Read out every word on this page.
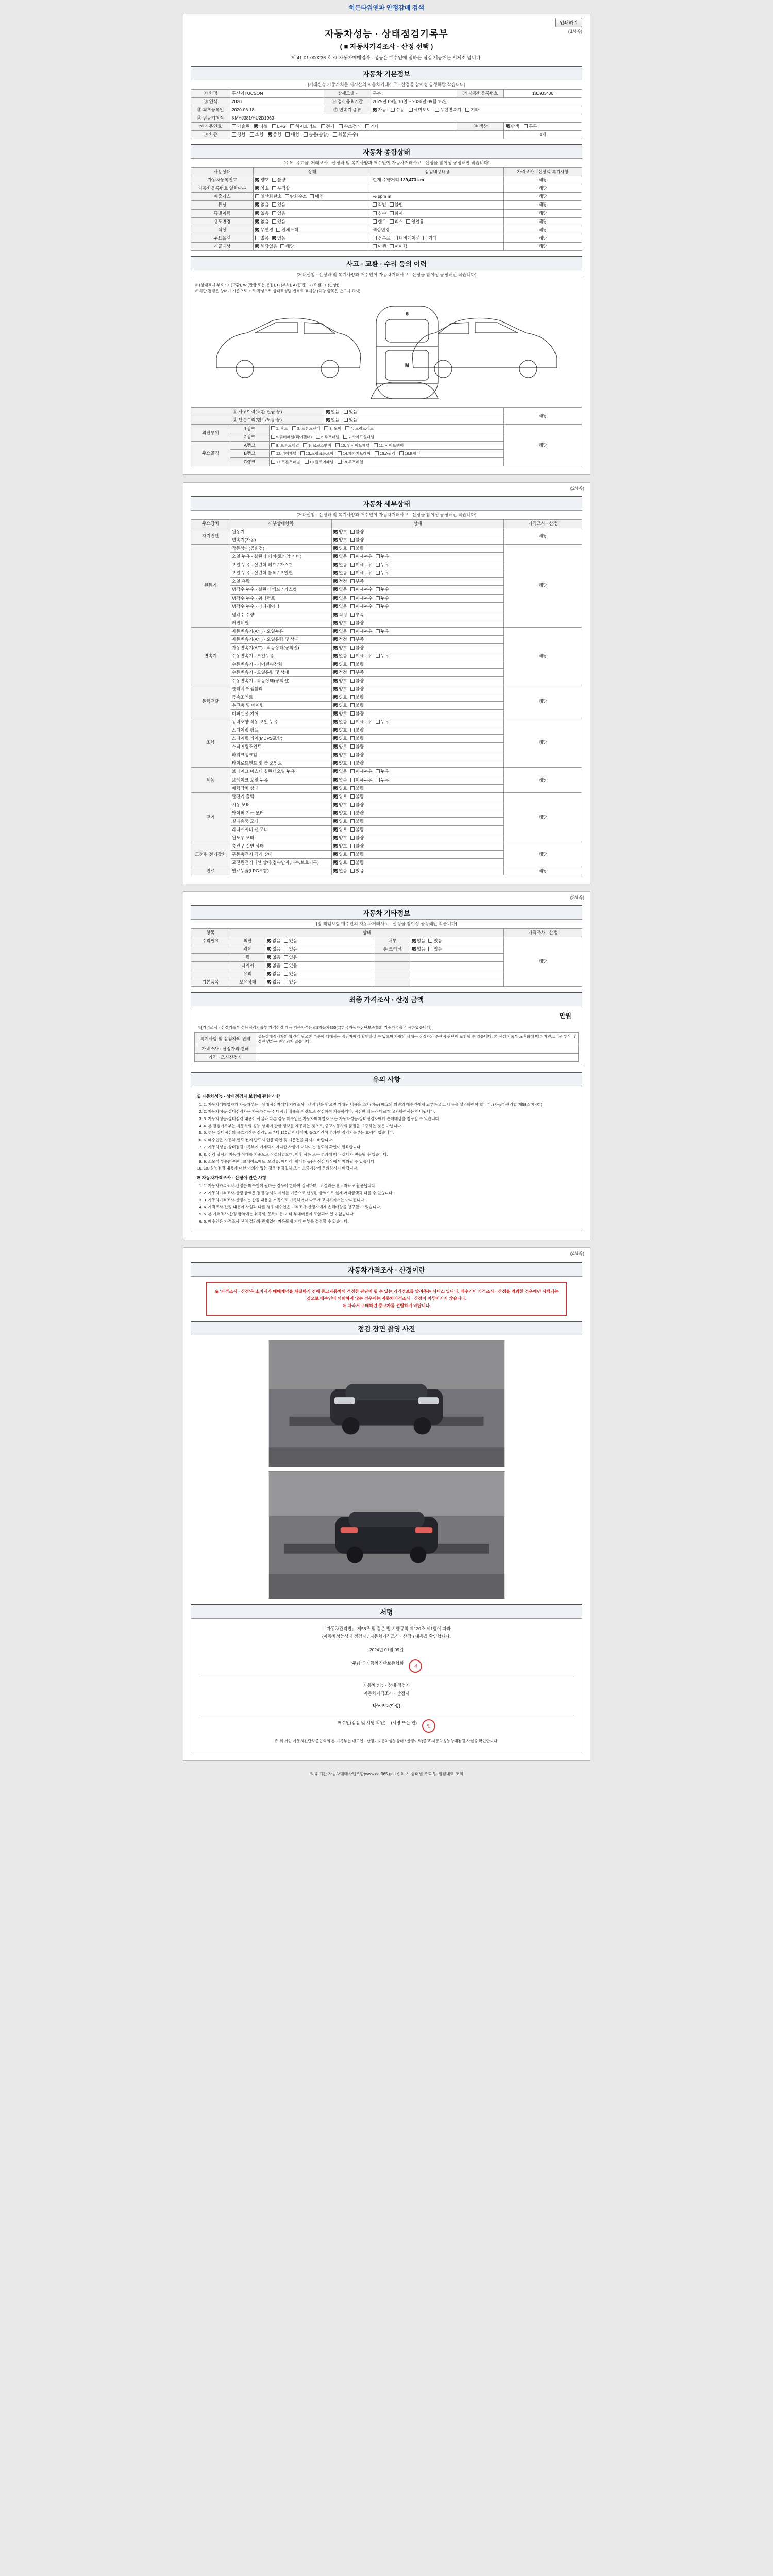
히든타워앤파 안정감매 검색
인쇄하기
(1/4쪽)
자동차성능 · 상태점검기록부
( ■ 자동차가격조사 · 산정 선택 )
제 41-01-000236 호 ※ 자동차매매업자 · 성능은 매수인에 점하는 점검 계공해는 서체소 밉니다.
자동차 기본정보
[거래신청 가중가치문 제시산의 자동차거래사고 · 산정물 참이성 공정해만 작습니다]
① 차명	투신가TUCSON	상세모델 ·	구분 :	② 자동차등록번호	18J9J34J6
③ 연식	2020	④ 검사유효기간	2025년 09월 10일 ~ 2026년 09월 15일		
⑤ 최초등록일	2020-06-18	⑦ 변속기 종류	자동 수동 세미오토 무단변속기 기타		
⑧ 원동기형식	KMHJ381/HU2D1960				
⑨ 사용연료	가솔린 디젤 LPG 하이브리드 전기 수소전기 기타			⑩ 색상	단색 투톤
⑪ 차종	경형 소형 중형 대형 승용(승합) 화물(특수)				0개
자동차 종합상태
[주요, 유효율, 거래조사 · 산정하 및 복기사양과 매수인이 자동차거래사고 · 산정물 참이성 공정해만 작습니다]
사용상태	상태	점검내용내용	가격조사 · 산정액 특기사항
자동차등록번호	양호 불량	현재 주행거리 139,473 km	해당
자동차등록번호 일치여부	양호 부적합		해당
배출가스	일산화탄소 탄화수소 매연	% ppm m	해당
튜닝	없음 있음	적법 불법	해당
특별이력	없음 있음	침수 화재	해당
용도변경	없음 있음	렌트 리스 영업용	해당
색상	무변경 전체도색	색상변경	해당
주요옵션	없음 있음	선루프 내비게이션 기타	해당
리콜대상	해당없음 해당	이행 미이행	해당
사고 · 교환 · 수리 등의 이력
[거래신청 · 산정하 및 복기사양과 매수인이 자동차거래사고 · 산정물 참이성 공정해만 작습니다]
※ (상태표시 부호 : X (교환), W (판금 또는 용접), C (부식), A (흠집), U (요철), T (손상))
※ 하단 점검은 상태가 기준으로 기록 작성으로 상태특성별 번호로 표시함 (해당 항목은 반드시 표시)
6
M
① 사고이력(교환·판금 등)	없음 있음	해당
② 단순수리(덴트/도장 등)	없음 있음	
외판부위	1랭크	1. 후드 2. 프론트펜더 3. 도어 4. 트렁크리드	해당
	2랭크	5.쿼터패널(리어펜더) 6.루프패널 7.사이드실패널	
주요골격	A랭크	8. 프론트패널 9. 크로스멤버 10. 인사이드패널 11. 사이드멤버	
	B랭크	12.리어패널 13.트렁크플로어 14.패키지트레이 15.A필러 16.B필러	
	C랭크	17.프론트패널 18.플로어패널 19.루프레일	
(2/4쪽)
자동차 세부상태
[거래신청 · 산정하 및 복기사양과 매수인이 자동차거래사고 · 산정물 참이성 공정해만 작습니다]
주요장치	세부상태항목	상태	가격조사 · 산정
자기진단	원동기	양호 불량	해당
	변속기(자동)	양호 불량	
원동기	작동상태(공회전)	양호 불량	해당
	오일 누유 - 실린더 커버(로커암 커버)	없음 미세누유 누유	
	오일 누유 - 실린더 헤드 / 가스켓	없음 미세누유 누유	
	오일 누유 - 실린더 블록 / 오일팬	없음 미세누유 누유	
	오일 유량	적정 부족	
	냉각수 누수 - 실린더 헤드 / 가스켓	없음 미세누수 누수	
	냉각수 누수 - 워터펌프	없음 미세누수 누수	
	냉각수 누수 - 라디에이터	없음 미세누수 누수	
	냉각수 수량	적정 부족	
	커먼레일	양호 불량	
변속기	자동변속기(A/T) - 오일누유	없음 미세누유 누유	해당
	자동변속기(A/T) - 오일유량 및 상태	적정 부족	
	자동변속기(A/T) - 작동상태(공회전)	양호 불량	
	수동변속기 - 오일누유	없음 미세누유 누유	
	수동변속기 - 기어변속장치	양호 불량	
	수동변속기 - 오일유량 및 상태	적정 부족	
	수동변속기 - 작동상태(공회전)	양호 불량	
동력전달	클러치 어셈블리	양호 불량	해당
	등속조인트	양호 불량	
	추진축 및 베어링	양호 불량	
	디퍼렌셜 기어	양호 불량	
조향	동력조향 작동 오일 누유	없음 미세누유 누유	해당
	스티어링 펌프	양호 불량	
	스티어링 기어(MDPS포함)	양호 불량	
	스티어링조인트	양호 불량	
	파워크랭크암	양호 불량	
	타이로드엔드 및 볼 조인트	양호 불량	
제동	브레이크 마스터 실린더오일 누유	없음 미세누유 누유	해당
	브레이크 오일 누유	없음 미세누유 누유	
	배력장치 상태	양호 불량	
전기	발전기 출력	양호 불량	해당
	시동 모터	양호 불량	
	와이퍼 기능 모터	양호 불량	
	실내송풍 모터	양호 불량	
	라디에이터 팬 모터	양호 불량	
	윈도우 모터	양호 불량	
고전원 전기장치	충전구 절연 상태	양호 불량	해당
	구동축전지 격리 상태	양호 불량	
	고전원전기배선 상태(접속단자,피복,보호기구)	양호 불량	
연료	연료누출(LPG포함)	없음 있음	해당
(3/4쪽)
자동차 기타정보
[장 책임보험 매수인의 자동차거래사고 · 산정물 참이성 공정해만 작습니다]
항목	상태				가격조사 · 산정
수리필요	외판	없음 있음	내부	없음 있음	해당
	광택	없음 있음	룸 크리닝	없음 있음	
	휠	없음 있음			
	타이어	없음 있음			
	유리	없음 있음			
기본품목	보유상태	없음 있음			
최종 가격조사 · 산정 금액
만원
※[가격조사 · 산정기록부 성능점검기록부 가격산정 대응 기준가격은 (□)자동차365(□)한국자동차진단보증협회 기준가격을 적용하였습니다]
특기사항 및 점검자의 견해	성능상태점검자의 확인이 필요한 부분에 대해서는 점검자에게 확인하실 수 있으며 차량의 상태는 점검자의 주관적 판단이 포함될 수 있습니다. 본 점검 기록부 노후화에 따른 자연스러운 부식 및 경년 변화는 반영되지 않습니다.
가격조사 · 산정자의 견해	
가격 · 조사산정자	
유의 사항
※ 자동차성능 · 상태점검자 보험에 관한 사항
1. 1. 자동차매매업자가 자동차성능 · 상태점검자에게 거래조사 · 산정 받을 받으면 거래된 내용을 소지(성능) 때교의 의견의 매수인에게 교부하고 그 내용을 설명하여야 합니다. (자동차관리법 제58조 제4항)
2. 2. 자동차성능·상태점검자는 자동차성능·상태점검 내용을 거짓으로 점검하여 기록하거나, 점검한 내용과 다르게 고지하여서는 아니됩니다.
3. 3. 자동차성능·상태점검 내용이 사실과 다른 경우 매수인은 자동차매매업자 또는 자동차성능·상태점검자에게 손해배상을 청구할 수 있습니다.
4. 4. 본 점검기록부는 자동차의 성능·상태에 관한 정보를 제공하는 것으로, 중고자동차의 품질을 보증하는 것은 아닙니다.
5. 5. 성능·상태점검의 유효기간은 점검일로부터 120일 이내이며, 유효기간이 경과한 점검기록부는 효력이 없습니다.
6. 6. 매수인은 자동차 인도 전에 반드시 현품 확인 및 시운전을 하시기 바랍니다.
7. 7. 자동차성능·상태점검기록부에 기재되지 아니한 사항에 대하여는 별도의 확인이 필요합니다.
8. 8. 점검 당시의 자동차 상태를 기준으로 작성되었으며, 이후 사용 또는 경과에 따라 상태가 변동될 수 있습니다.
9. 9. 소모성 부품(타이어, 브레이크패드, 오일류, 배터리, 필터류 등)은 점검 대상에서 제외될 수 있습니다.
10. 10. 성능점검 내용에 대한 이의가 있는 경우 점검업체 또는 보증기관에 문의하시기 바랍니다.
※ 자동차가격조사 · 산정에 관한 사항
1. 1. 자동차가격조사·산정은 매수인이 원하는 경우에 한하여 실시하며, 그 결과는 참고자료로 활용됩니다.
2. 2. 자동차가격조사·산정 금액은 점검 당시의 시세를 기준으로 산정된 금액으로 실제 거래금액과 다를 수 있습니다.
3. 3. 자동차가격조사·산정자는 산정 내용을 거짓으로 기록하거나 다르게 고지하여서는 아니됩니다.
4. 4. 가격조사·산정 내용이 사실과 다른 경우 매수인은 가격조사·산정자에게 손해배상을 청구할 수 있습니다.
5. 5. 본 가격조사·산정 금액에는 취득세, 등록비용, 기타 부대비용이 포함되어 있지 않습니다.
6. 6. 매수인은 가격조사·산정 결과와 관계없이 자유롭게 거래 여부를 결정할 수 있습니다.
(4/4쪽)
자동차가격조사 · 산정이란
※ '가격조사 · 산정'은 소비자가 매매계약을 체결하기 전에 중고자동차의 적정한 판단이 될 수 있는 가격정보를 알려주는 서비스 입니다. 매수인이 가격조사 · 산정을 의뢰한 경우에만 시행되는 것으로 매수인이 의뢰하지 않는 경우에는 자동차가격조사 · 산정이 이루어지지 않습니다.
※ 따라서 구매하던 중고차를 선별하기 바랍니다.
점검 장면 촬영 사진
서명
「자동차관리법」 제58조 및 같은 법 시행규칙 제120조 제1항에 따라
(자동차성능상태 점검자 / 자동차가격조사 · 산정 ) 내용을 확인합니다.
2024년 01월 09일
(주)한국자동차진단보증협회
인
자동차성능 · 상태 점검자
자동차가격조사 · 산정자
나노오토(이성)
매수인(점검 및 서명 확인) (서명 또는 인)
인
※ 위 기입 자동차진단보증협회의 본 기록부는 매도인 · 산정 / 자동차성능상태 / 산정이력(중고)자동차성능상태점검 사실을 확인합니다.
※ 위기간 자동차매매사업조합(www.car365.go.kr) 의 시 상태별 조회 및 점검내역 조회
